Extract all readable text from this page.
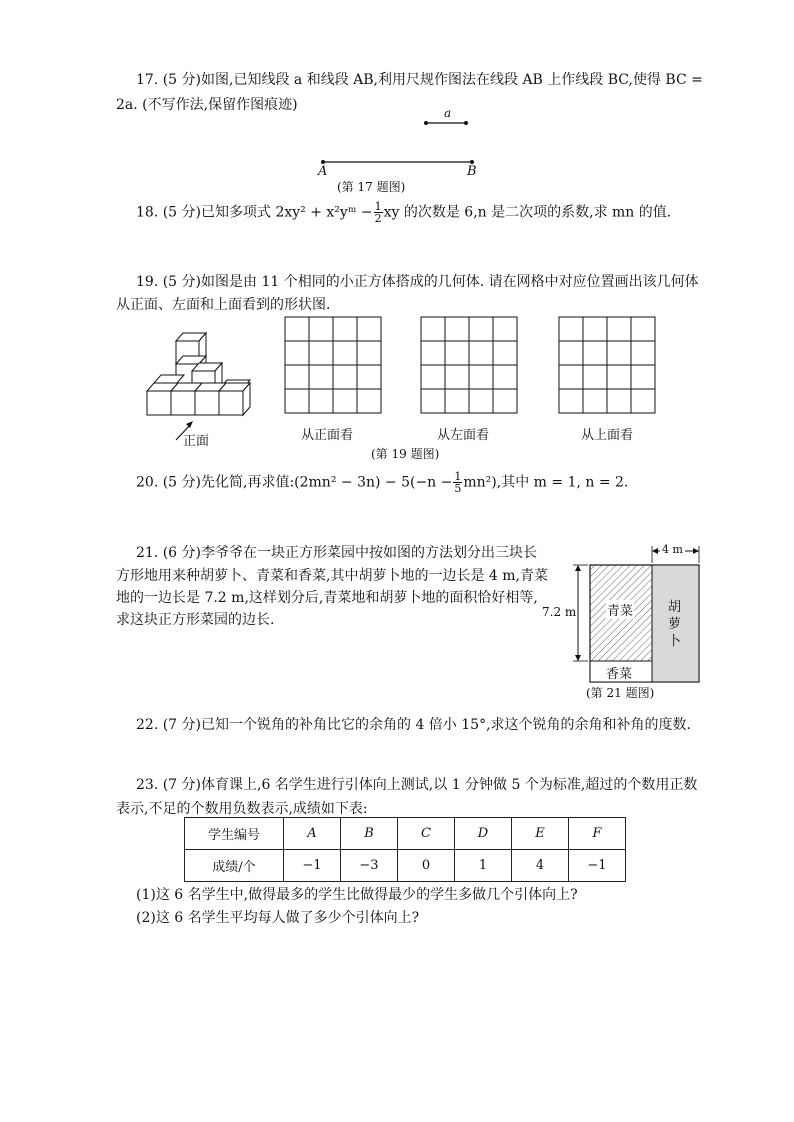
17. (5 分)如图,已知线段 a 和线段 AB,利用尺规作图法在线段 AB 上作线段 BC,使得 BC =
2a. (不写作法,保留作图痕迹)	a
A	B
(第 17 题图)
18. (5 分)已知多项式 2xy² + x²yᵐ − $\frac{1}{2}$ xy 的次数是 6,n 是二次项的系数,求 mn 的值.
19. (5 分)如图是由 11 个相同的小正方体搭成的几何体. 请在网格中对应位置画出该几何体
从正面、左面和上面看到的形状图.
正面	从正面看	从左面看	从上面看
(第 19 题图)
20. (5 分)先化简,再求值:(2mn² − $3n) - 5(-n - \frac{1}{5} mn^2)$,其中 m = 1, n = 2.
21. (6 分)李爷爷在一块正方形菜园中按如图的方法划分出三块长
方形地用来种胡萝卜、青菜和香菜,其中胡萝卜地的一边长是 4 m,青菜
地的一边长是 7.2 m,这样划分后,青菜地和胡萝卜地的面积恰好相等,
求这块正方形菜园的边长.
4 m
7.2 m 青菜	胡
萝
卜
香菜
(第 21 题图)
22. (7 分)已知一个锐角的补角比它的余角的 4 倍小 15°,求这个锐角的余角和补角的度数.
23. (7 分)体育课上,6 名学生进行引体向上测试,以 1 分钟做 5 个为标准,超过的个数用正数
表示,不足的个数用负数表示,成绩如下表:
学生编号	A	B	C	D	E	F
成绩/个	−1	−3	0	1	4	−1
(1)这 6 名学生中,做得最多的学生比做得最少的学生多做几个引体向上?
(2)这 6 名学生平均每人做了多少个引体向上?
